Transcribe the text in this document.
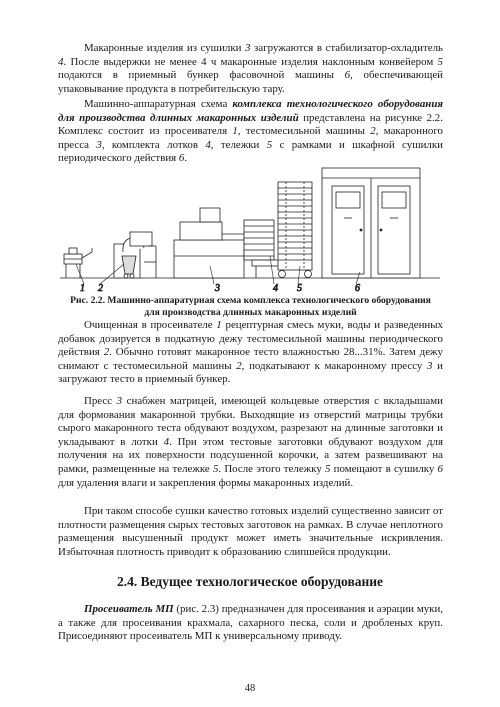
Макаронные изделия из сушилки 3 загружаются в стабилизатор-охладитель 4. После выдержки не менее 4 ч макаронные изделия наклонным конвейером 5 подаются в приемный бункер фасовочной машины 6, обеспечивающей упаковывание продукта в потребительскую тару.

Машинно-аппаратурная схема комплекса технологического оборудования для производства длинных макаронных изделий представлена на рисунке 2.2. Комплекс состоит из просеивателя 1, тестомесильной машины 2, макаронного пресса 3, комплекта лотков 4, тележки 5 с рамками и шкафной сушилки периодического действия 6.

1 2	3	4 5	6
Рис. 2.2. Машинно-аппаратурная схема комплекса технологического оборудования
для производства длинных макаронных изделий

Очищенная в просеивателе 1 рецептурная смесь муки, воды и разведенных добавок дозируется в подкатную дежу тестомесильной машины периодического действия 2. Обычно готовят макаронное тесто влажностью 28...31%. Затем дежу снимают с тестомесильной машины 2, подкатывают к макаронному прессу 3 и загружают тесто в приемный бункер.

Пресс 3 снабжен матрицей, имеющей кольцевые отверстия с вкладышами для формования макаронной трубки. Выходящие из отверстий матрицы трубки сырого макаронного теста обдувают воздухом, разрезают на длинные заготовки и укладывают в лотки 4. При этом тестовые заготовки обдувают воздухом для получения на их поверхности подсушенной корочки, а затем развешивают на рамки, размещенные на тележке 5. После этого тележку 5 помещают в сушилку 6 для удаления влаги и закрепления формы макаронных изделий.

При таком способе сушки качество готовых изделий существенно зависит от плотности размещения сырых тестовых заготовок на рамках. В случае неплотного размещения высушенный продукт может иметь значительные искривления. Избыточная плотность приводит к образованию слипшейся продукции.

2.4. Ведущее технологическое оборудование

Просеиватель МП (рис. 2.3) предназначен для просеивания и аэрации муки, а также для просеивания крахмала, сахарного песка, соли и дробленых круп. Присоединяют просеиватель МП к универсальному приводу.

48
